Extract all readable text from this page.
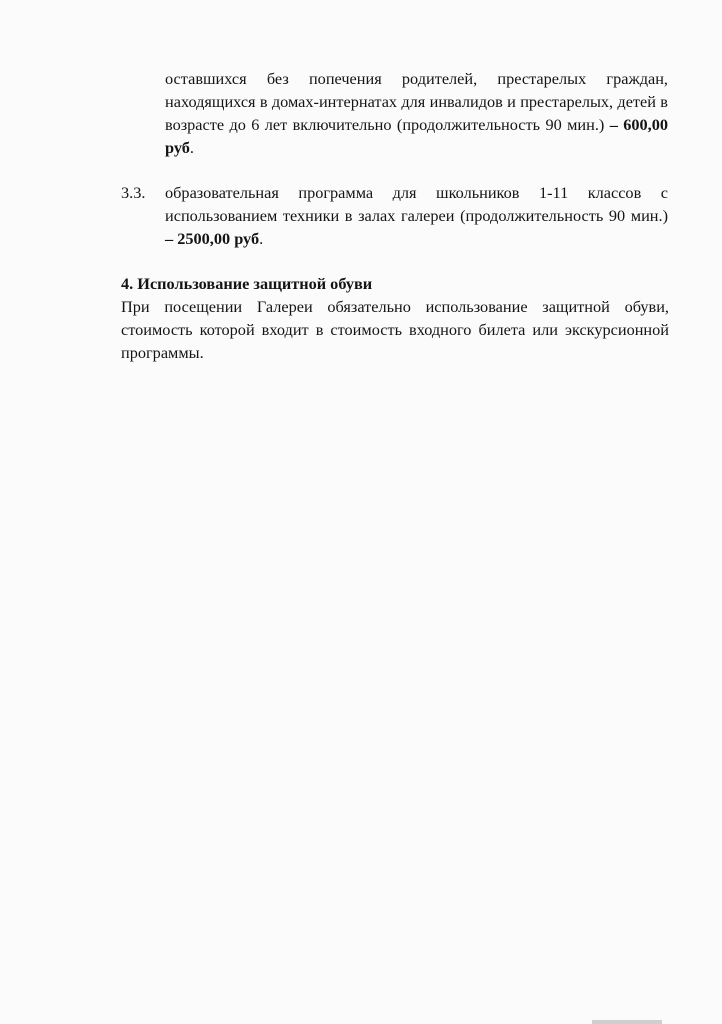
оставшихся без попечения родителей, престарелых граждан, находящихся в домах-интернатах для инвалидов и престарелых, детей в возрасте до 6 лет включительно (продолжительность 90 мин.) – 600,00 руб.
3.3. образовательная программа для школьников 1-11 классов с использованием техники в залах галереи (продолжительность 90 мин.) – 2500,00 руб.

4. Использование защитной обуви

При посещении Галереи обязательно использование защитной обуви, стоимость которой входит в стоимость входного билета или экскурсионной программы.
